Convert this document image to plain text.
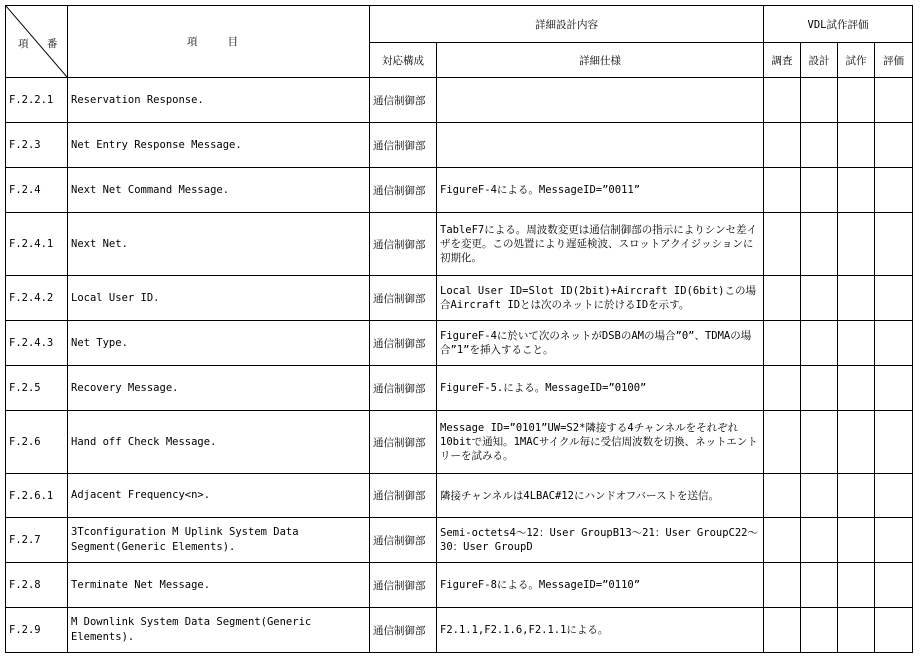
項 番	項 目	詳細設計内容		VDL試作評価			
		対応構成	詳細仕様	調査	設計	試作	評価
F.2.2.1	Reservation Response.	通信制御部					
F.2.3	Net Entry Response Message.	通信制御部					
F.2.4	Next Net Command Message.	通信制御部	FigureF-4による。MessageID=”0011”				
F.2.4.1	Next Net.	通信制御部	TableF7による。周波数変更は通信制御部の指示によりシンセ差イザを変更。この処置により遅延検波、スロットアクイジッションに初期化。				
F.2.4.2	Local User ID.	通信制御部	Local User ID=Slot ID(2bit)+Aircraft ID(6bit)この場合Aircraft IDとは次のネットに於けるIDを示す。				
F.2.4.3	Net Type.	通信制御部	FigureF-4に於いて次のネットがDSBのAMの場合”0”、TDMAの場合”1”を挿入すること。				
F.2.5	Recovery Message.	通信制御部	FigureF-5.による。MessageID=”0100”				
F.2.6	Hand off Check Message.	通信制御部	Message ID=”0101”UW=S2*隣接する4チャンネルをそれぞれ10bitで通知。1MACサイクル毎に受信周波数を切換、ネットエントリーを試みる。				
F.2.6.1	Adjacent Frequency<n>.	通信制御部	隣接チャンネルは4LBAC#12にハンドオフバーストを送信。				
F.2.7	3Tconfiguration M Uplink System Data Segment(Generic Elements).	通信制御部	Semi-octets4～12：User GroupB13～21：User GroupC22～30：User GroupD				
F.2.8	Terminate Net Message.	通信制御部	FigureF-8による。MessageID=”0110”				
F.2.9	M Downlink System Data Segment(Generic Elements).	通信制御部	F2.1.1,F2.1.6,F2.1.1による。				
